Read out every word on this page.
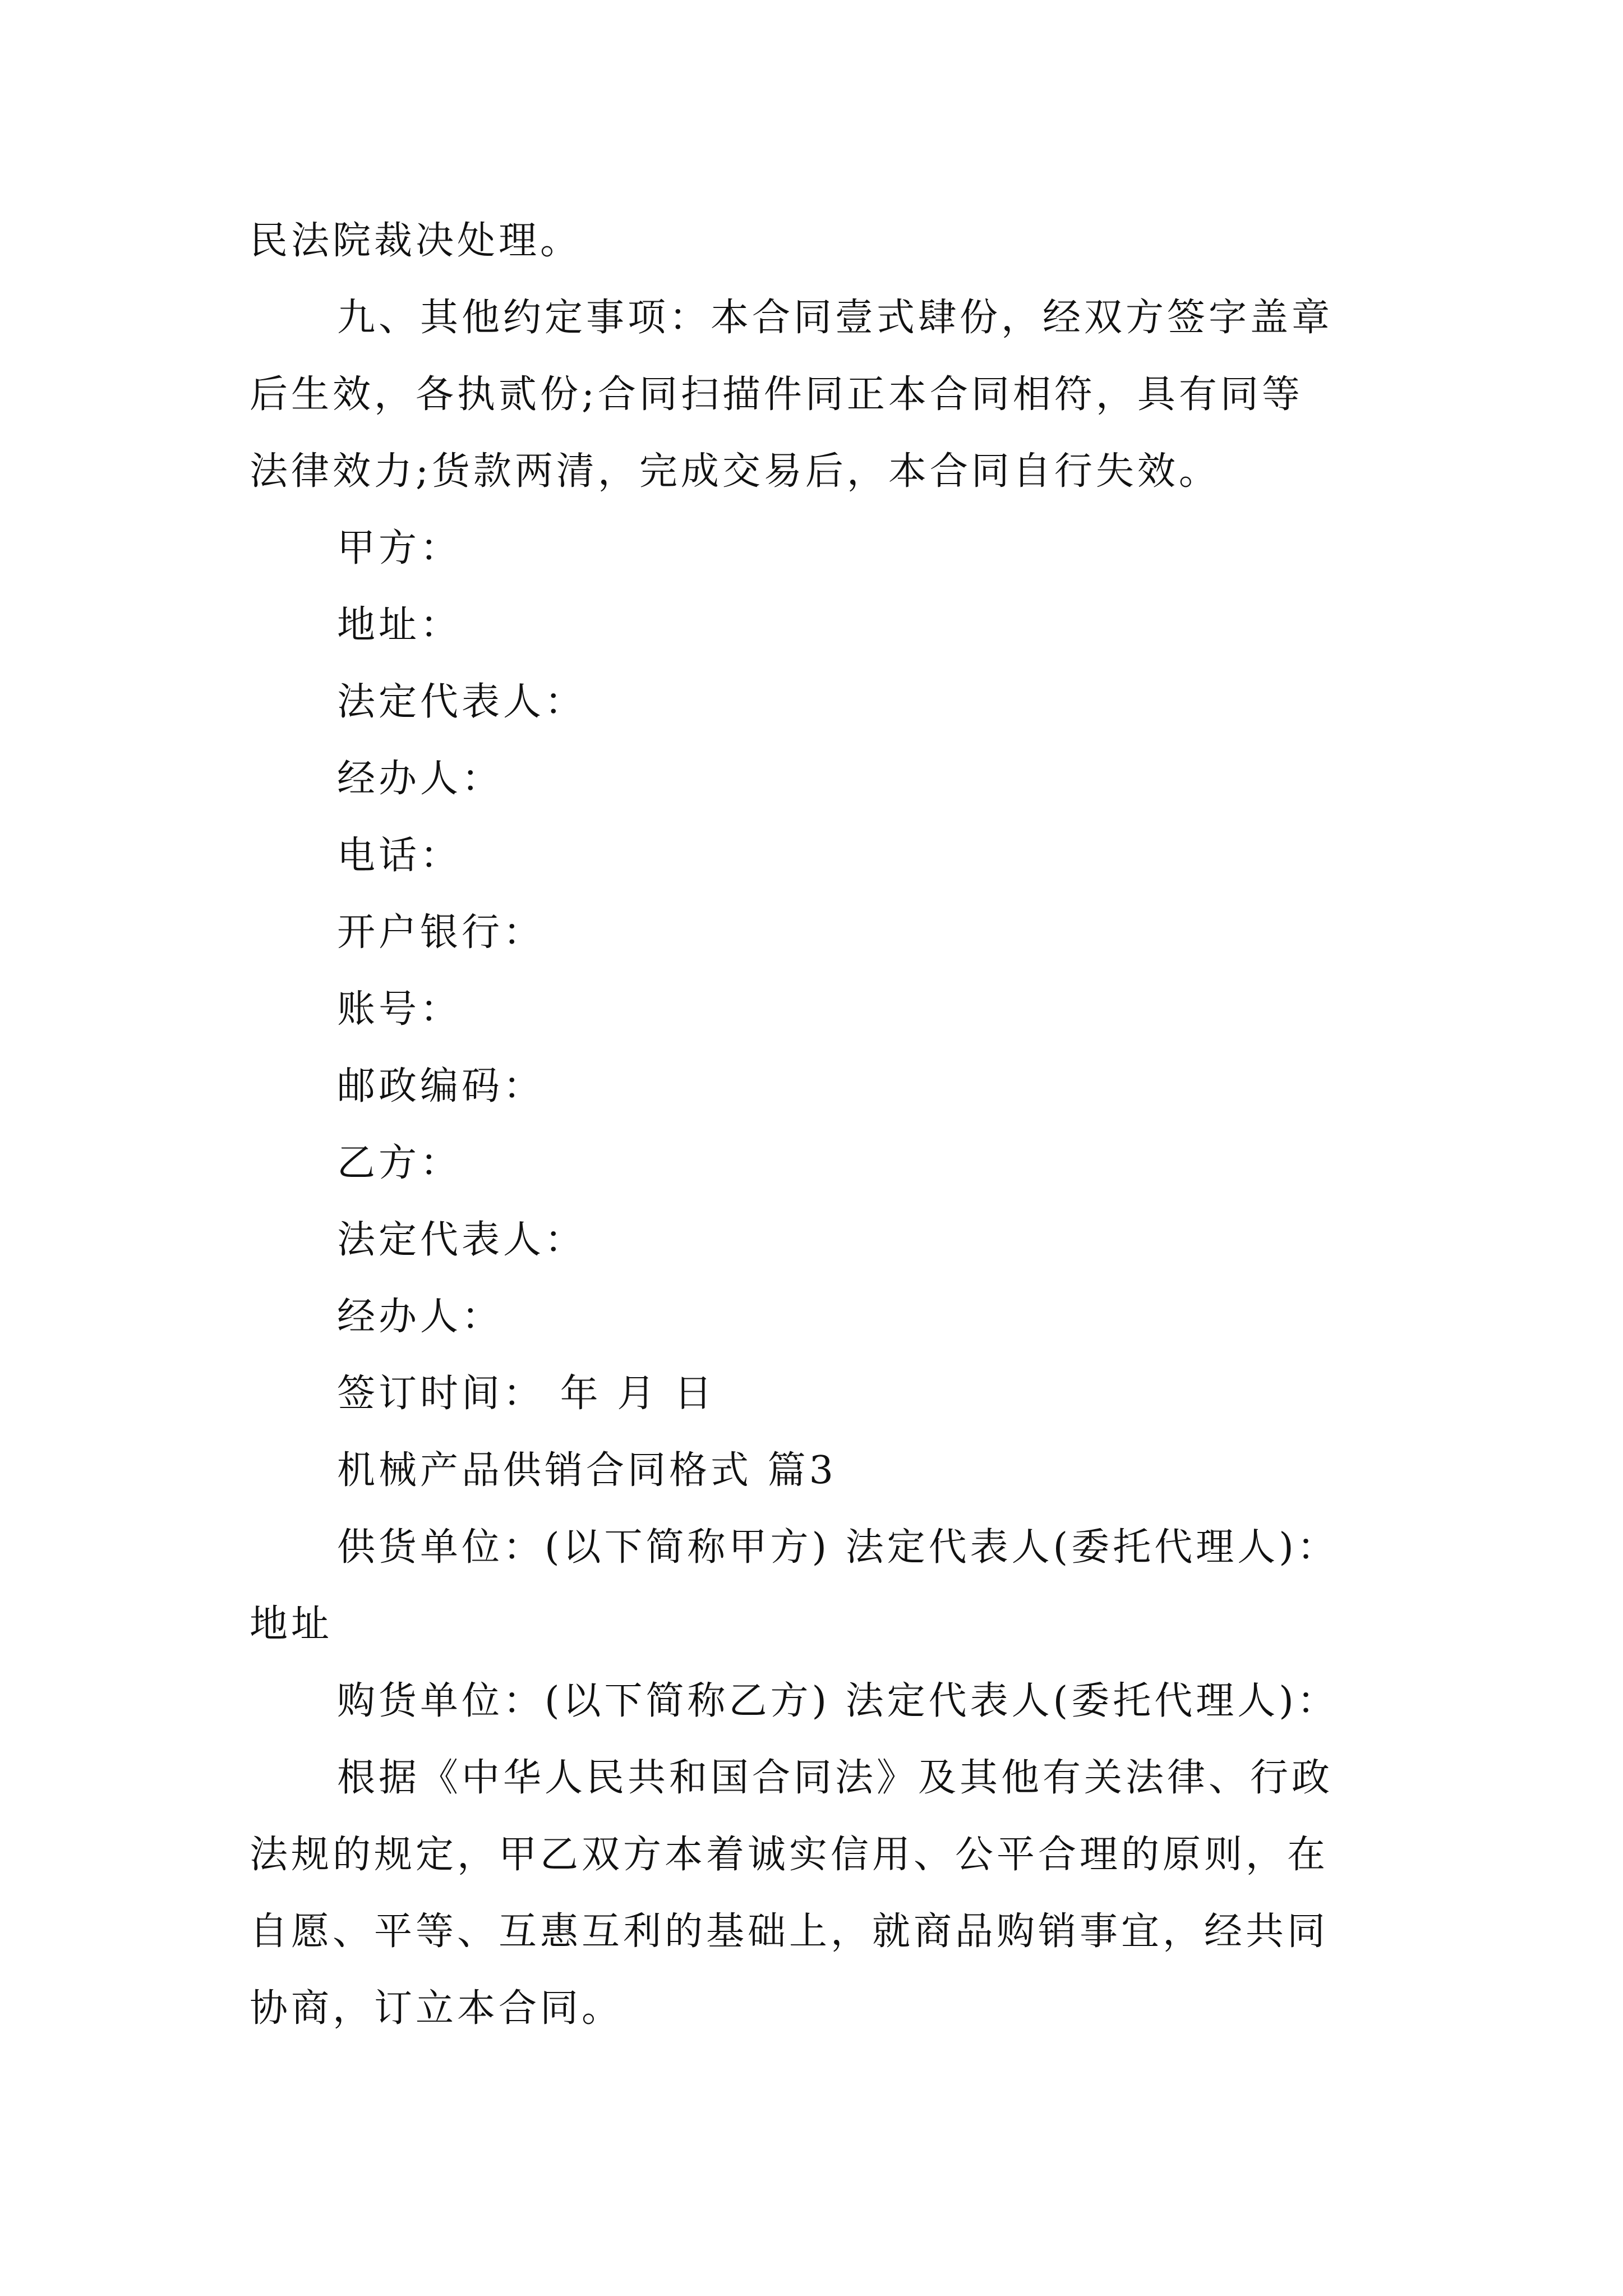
民法院裁决处理。
九、其他约定事项：本合同壹式肆份，经双方签字盖章
后生效，各执贰份;合同扫描件同正本合同相符，具有同等
法律效力;货款两清，完成交易后，本合同自行失效。
甲方：
地址：
法定代表人：
经办人：
电话：
开户银行：
账号：
邮政编码：
乙方：
法定代表人：
经办人：
签订时间： 年 月 日
机械产品供销合同格式 篇3
供货单位：(以下简称甲方) 法定代表人(委托代理人)：
地址
购货单位：(以下简称乙方) 法定代表人(委托代理人)：
根据《中华人民共和国合同法》及其他有关法律、行政
法规的规定，甲乙双方本着诚实信用、公平合理的原则，在
自愿、平等、互惠互利的基础上，就商品购销事宜，经共同
协商，订立本合同。
